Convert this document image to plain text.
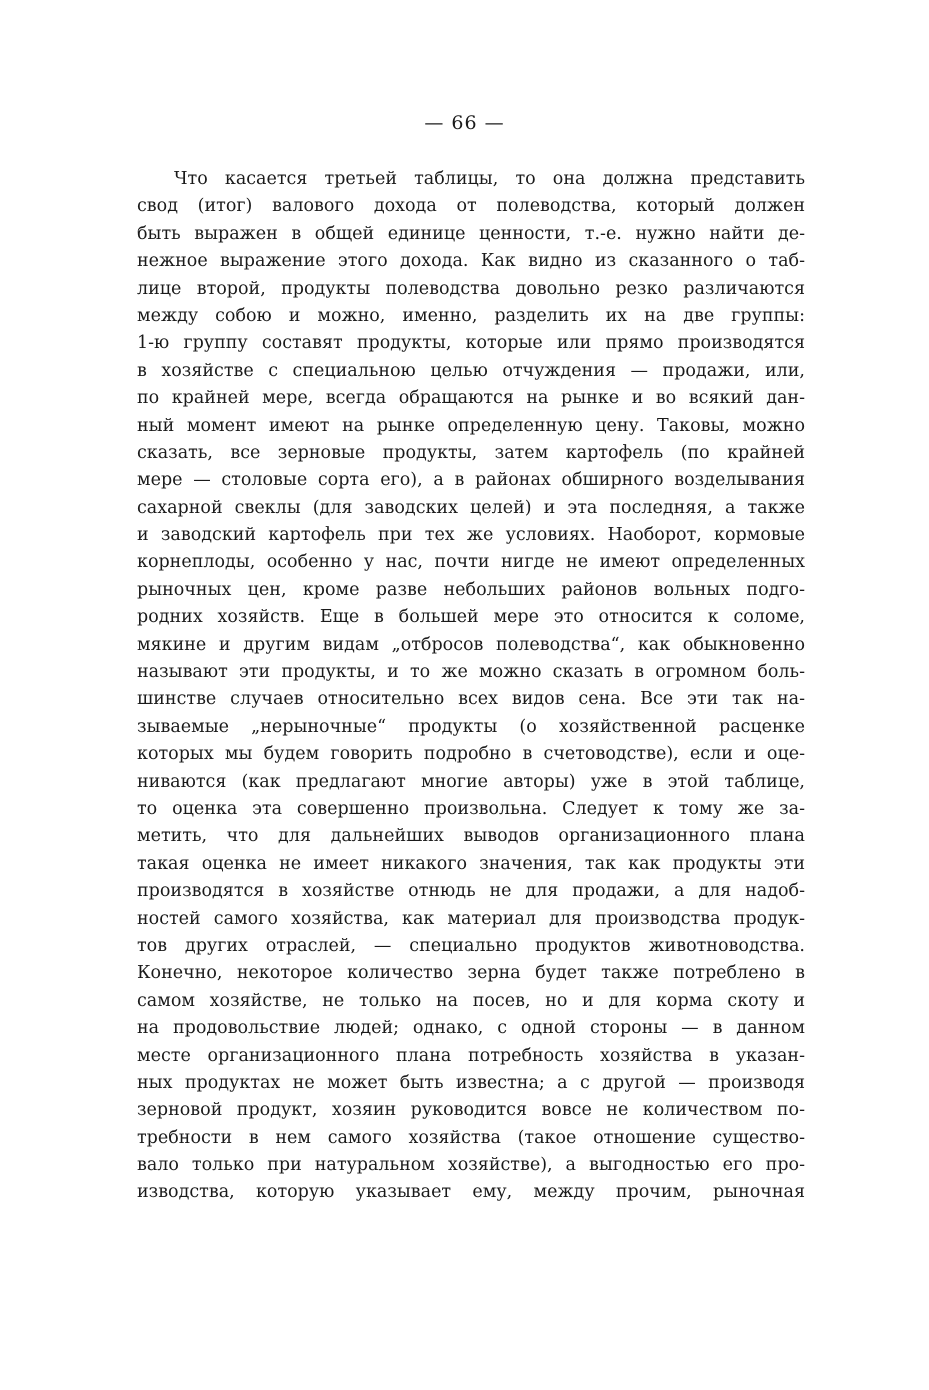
— 66 —
Что касается третьей таблицы, то она должна представить
свод (итог) валового дохода от полеводства, который должен
быть выражен в общей единице ценности, т.-е. нужно найти де-
нежное выражение этого дохода. Как видно из сказанного о таб-
лице второй, продукты полеводства довольно резко различаются
между собою и можно, именно, разделить их на две группы:
1-ю группу составят продукты, которые или прямо производятся
в хозяйстве с специальною целью отчуждения — продажи, или,
по крайней мере, всегда обращаются на рынке и во всякий дан-
ный момент имеют на рынке определенную цену. Таковы, можно
сказать, все зерновые продукты, затем картофель (по крайней
мере — столовые сорта его), а в районах обширного возделывания
сахарной свеклы (для заводских целей) и эта последняя, а также
и заводский картофель при тех же условиях. Наоборот, кормовые
корнеплоды, особенно у нас, почти нигде не имеют определенных
рыночных цен, кроме разве небольших районов вольных подго-
родних хозяйств. Еще в большей мере это относится к соломе,
мякине и другим видам „отбросов полеводства“, как обыкновенно
называют эти продукты, и то же можно сказать в огромном боль-
шинстве случаев относительно всех видов сена. Все эти так на-
зываемые „нерыночные“ продукты (о хозяйственной расценке
которых мы будем говорить подробно в счетоводстве), если и оце-
ниваются (как предлагают многие авторы) уже в этой таблице,
то оценка эта совершенно произвольна. Следует к тому же за-
метить, что для дальнейших выводов организационного плана
такая оценка не имеет никакого значения, так как продукты эти
производятся в хозяйстве отнюдь не для продажи, а для надоб-
ностей самого хозяйства, как материал для производства продук-
тов других отраслей, — специально продуктов животноводства.
Конечно, некоторое количество зерна будет также потреблено в
самом хозяйстве, не только на посев, но и для корма скоту и
на продовольствие людей; однако, с одной стороны — в данном
месте организационного плана потребность хозяйства в указан-
ных продуктах не может быть известна; а с другой — производя
зерновой продукт, хозяин руководится вовсе не количеством по-
требности в нем самого хозяйства (такое отношение существо-
вало только при натуральном хозяйстве), а выгодностью его про-
изводства, которую указывает ему, между прочим, рыночная
